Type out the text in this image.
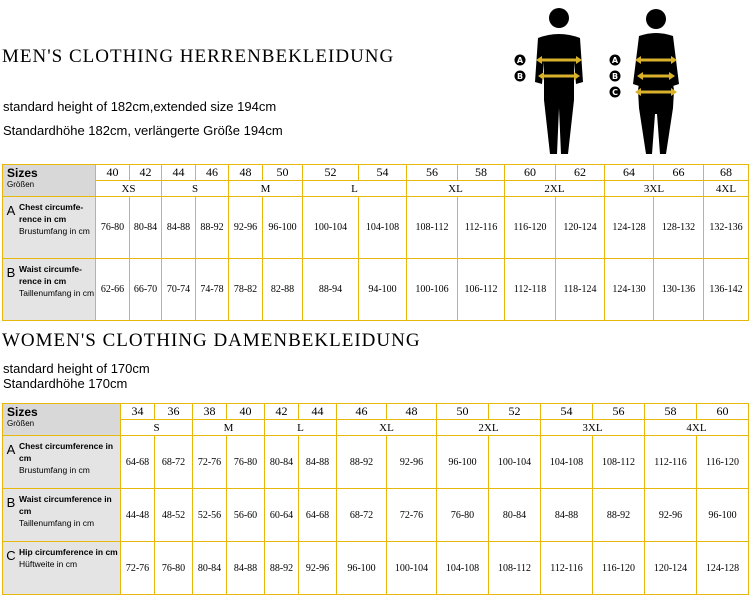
MEN'S CLOTHING HERRENBEKLEIDUNG
standard height of 182cm,extended size 194cm
Standardhöhe 182cm, verlängerte Größe 194cm
A
B
A
B
C
Sizes
Größen	40	42	44	46	48	50	52	54	56	58	60	62	64	66	68
	XS		S		M		L		XL		2XL		3XL		4XL

A Chest circumfe-rence in cm
Brustumfang in cm	76-80	80-84	84-88	88-92	92-96	96-100	100-104	104-108	108-112	112-116	116-120	120-124	124-128	128-132	132-136

B Waist circumfe-rence in cm
Taillenumfang in cm	62-66	66-70	70-74	74-78	78-82	82-88	88-94	94-100	100-106	106-112	112-118	118-124	124-130	130-136	136-142
WOMEN'S CLOTHING DAMENBEKLEIDUNG
standard height of 170cm
Standardhöhe 170cm
Sizes
Größen	34	36	38	40	42	44	46	48	50	52	54	56	58	60
	S		M		L		XL		2XL		3XL		4XL	

A Chest circumference in cm
Brustumfang in cm	64-68	68-72	72-76	76-80	80-84	84-88	88-92	92-96	96-100	100-104	104-108	108-112	112-116	116-120

B Waist circumference in cm
Taillenumfang in cm	44-48	48-52	52-56	56-60	60-64	64-68	68-72	72-76	76-80	80-84	84-88	88-92	92-96	96-100

C Hip circumference in cm
Hüftweite in cm	72-76	76-80	80-84	84-88	88-92	92-96	96-100	100-104	104-108	108-112	112-116	116-120	120-124	124-128
